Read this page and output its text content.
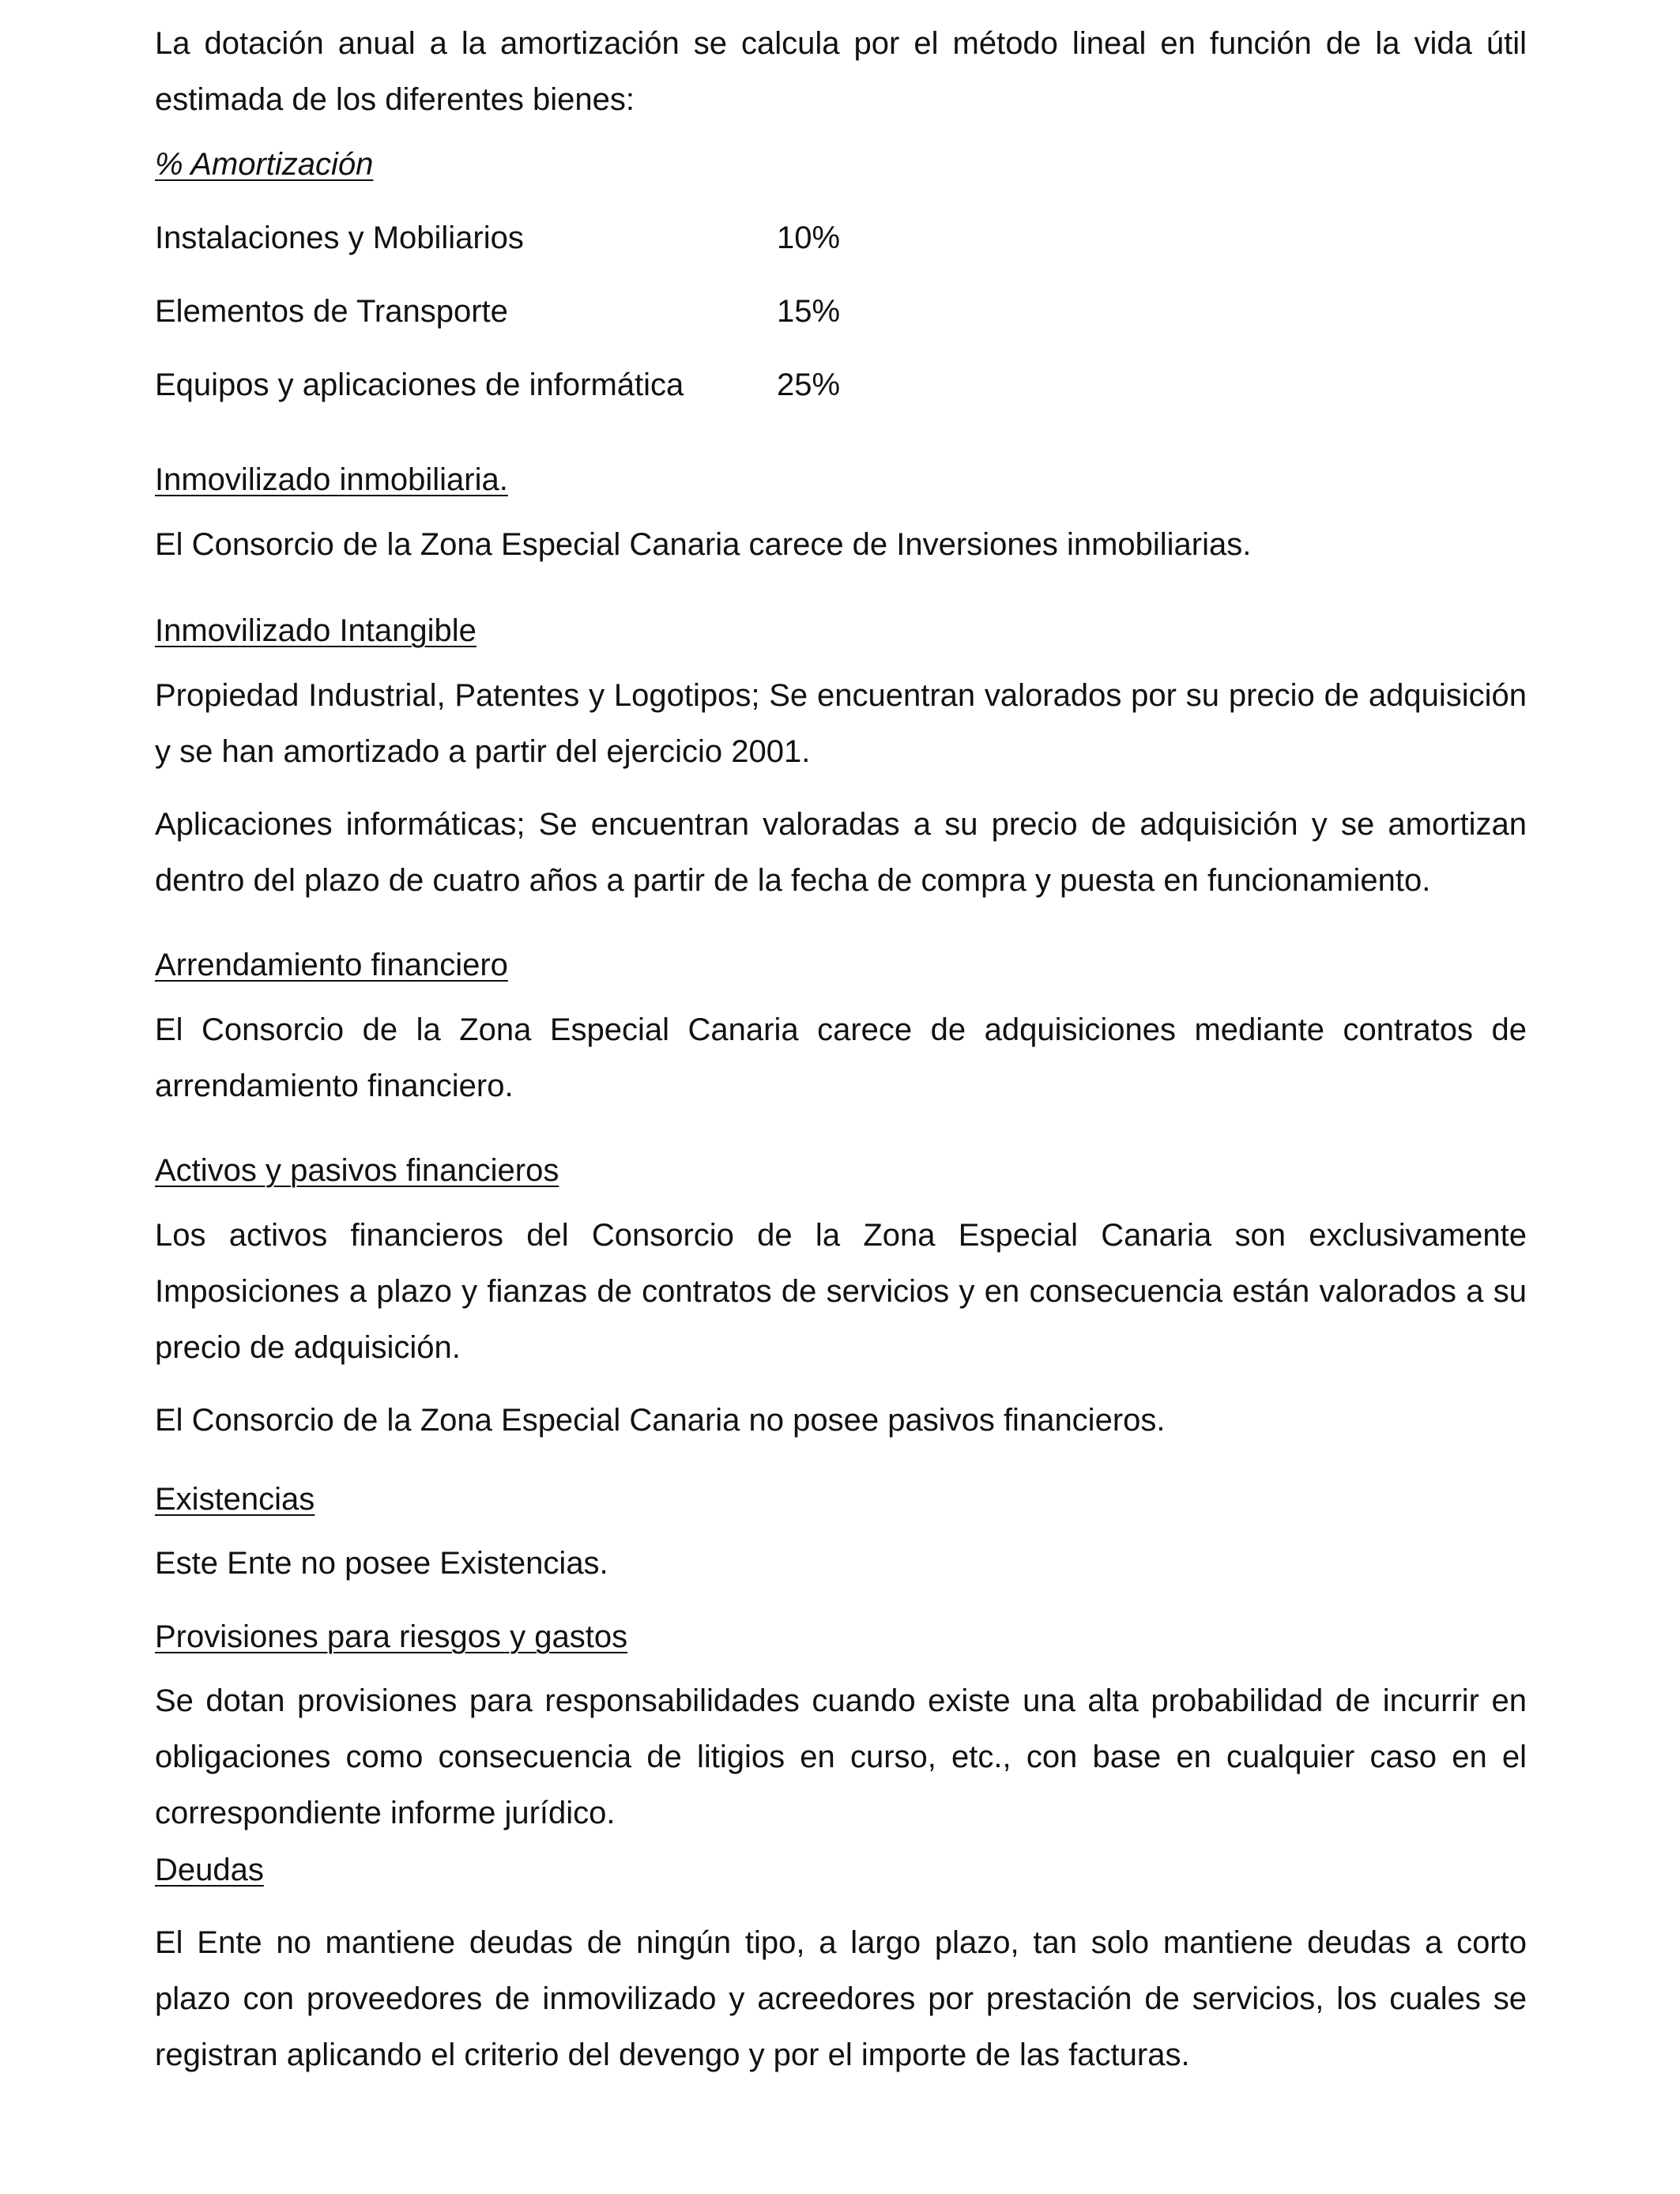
La dotación anual a la amortización se calcula por el método lineal en función de la vida útil estimada de los diferentes bienes:

% Amortización

Instalaciones y Mobiliarios	10%
Elementos de Transporte	15%
Equipos y aplicaciones de informática	25%

Inmovilizado inmobiliaria.

El Consorcio de la Zona Especial Canaria carece de Inversiones inmobiliarias.

Inmovilizado Intangible

Propiedad Industrial, Patentes y Logotipos; Se encuentran valorados por su precio de adquisición y se han amortizado a partir del ejercicio 2001.

Aplicaciones informáticas; Se encuentran valoradas a su precio de adquisición y se amortizan dentro del plazo de cuatro años a partir de la fecha de compra y puesta en funcionamiento.

Arrendamiento financiero

El Consorcio de la Zona Especial Canaria carece de adquisiciones mediante contratos de arrendamiento financiero.

Activos y pasivos financieros

Los activos financieros del Consorcio de la Zona Especial Canaria son exclusivamente Imposiciones a plazo y fianzas de contratos de servicios y en consecuencia están valorados a su precio de adquisición.

El Consorcio de la Zona Especial Canaria no posee pasivos financieros.

Existencias

Este Ente no posee Existencias.

Provisiones para riesgos y gastos

Se dotan provisiones para responsabilidades cuando existe una alta probabilidad de incurrir en obligaciones como consecuencia de litigios en curso, etc., con base en cualquier caso en el correspondiente informe jurídico.

Deudas

El Ente no mantiene deudas de ningún tipo, a largo plazo, tan solo mantiene deudas a corto plazo con proveedores de inmovilizado y acreedores por prestación de servicios, los cuales se registran aplicando el criterio del devengo y por el importe de las facturas.
